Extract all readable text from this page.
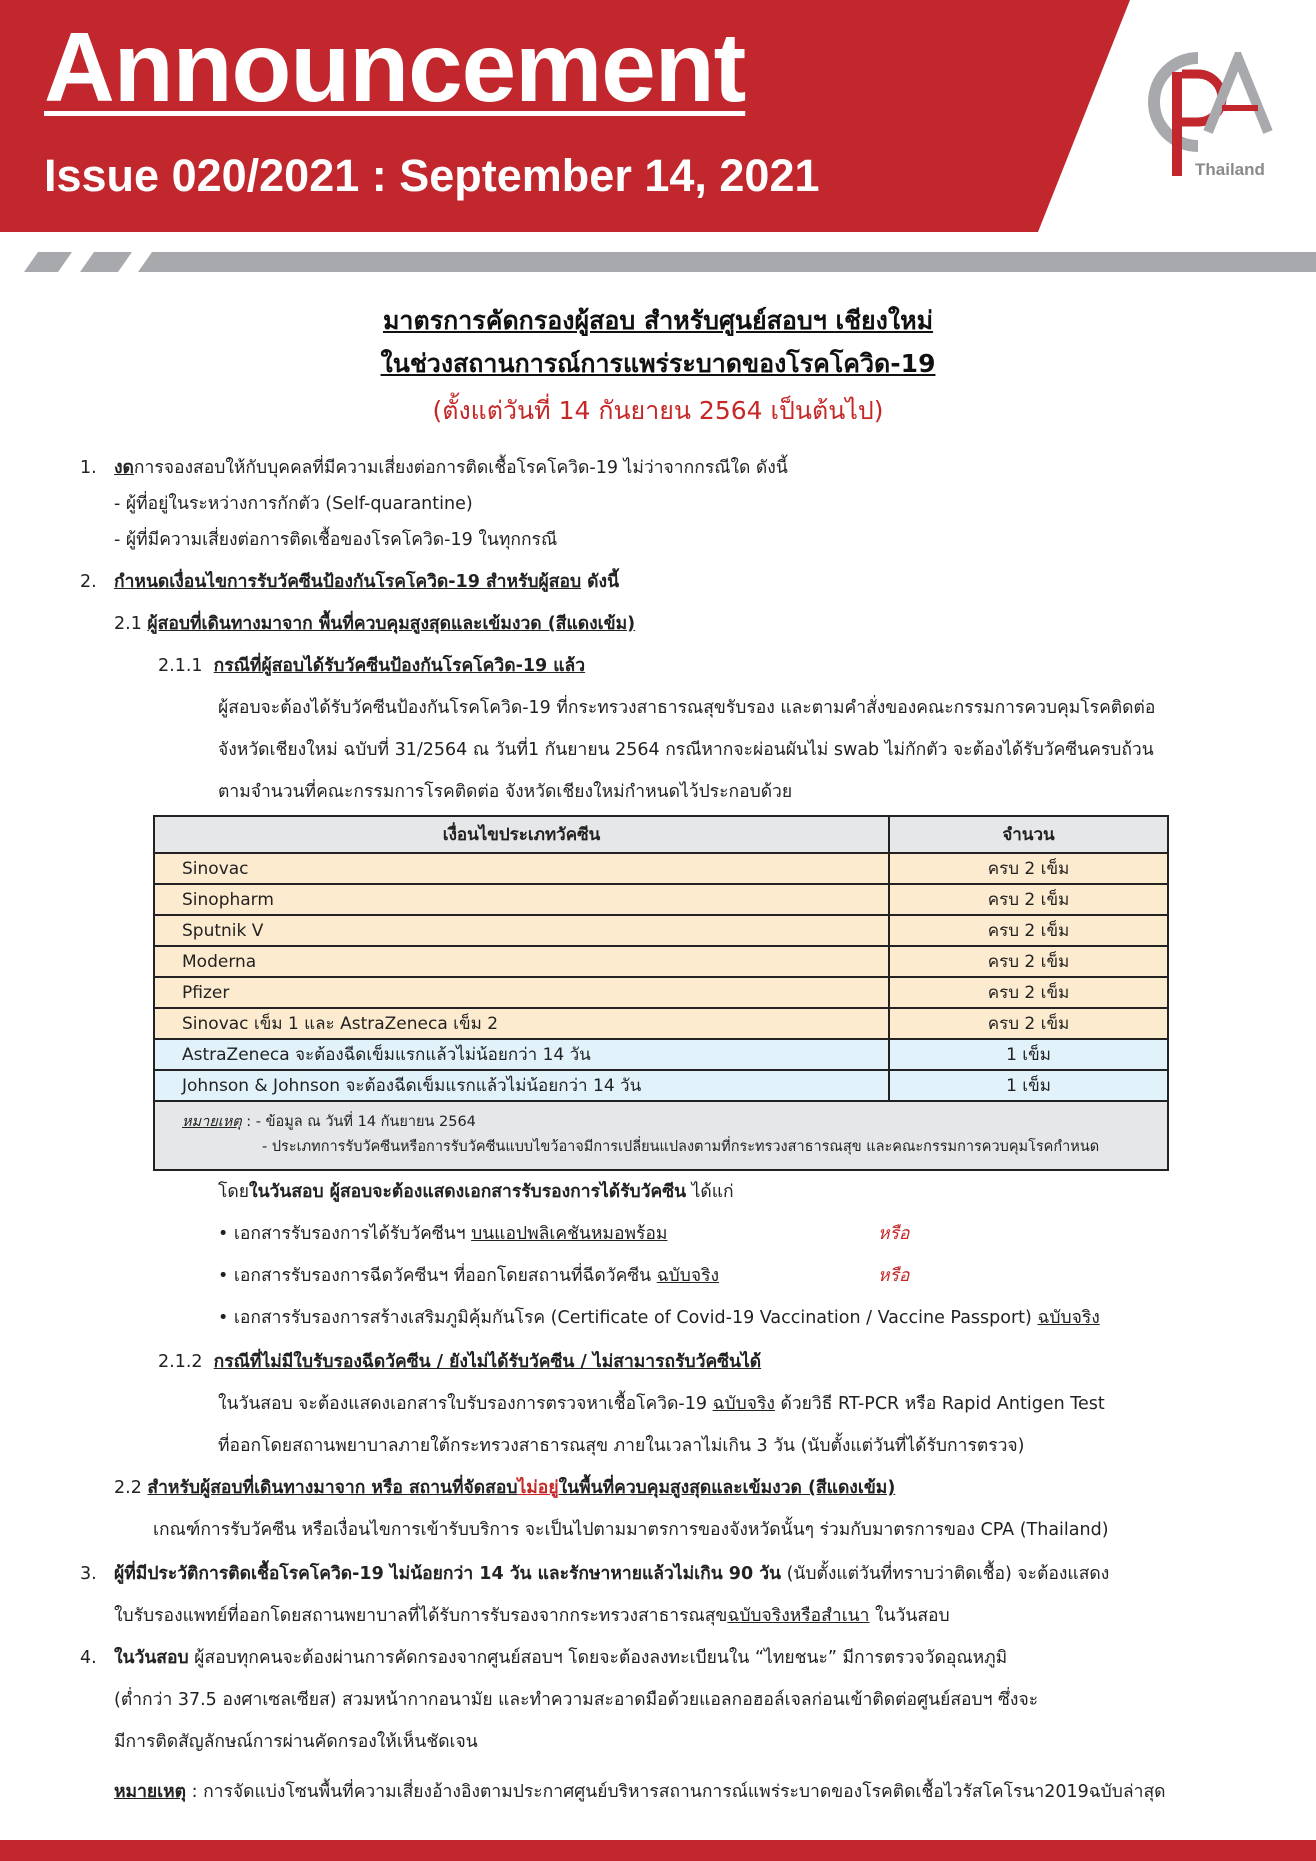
Announcement
Issue 020/2021 : September 14, 2021	Thailand
มาตรการคัดกรองผู้สอบ สำหรับศูนย์สอบฯ เชียงใหม่
ในช่วงสถานการณ์การแพร่ระบาดของโรคโควิด-19
(ตั้งแต่วันที่ 14 กันยายน 2564 เป็นต้นไป)
1. งดการจองสอบให้กับบุคคลที่มีความเสี่ยงต่อการติดเชื้อโรคโควิด-19 ไม่ว่าจากกรณีใด ดังนี้
- ผู้ที่อยู่ในระหว่างการกักตัว (Self-quarantine)
- ผู้ที่มีความเสี่ยงต่อการติดเชื้อของโรคโควิด-19 ในทุกกรณี
2. กำหนดเงื่อนไขการรับวัคซีนป้องกันโรคโควิด-19 สำหรับผู้สอบ ดังนี้
2.1 ผู้สอบที่เดินทางมาจาก พื้นที่ควบคุมสูงสุดและเข้มงวด (สีแดงเข้ม)
2.1.1 กรณีที่ผู้สอบได้รับวัคซีนป้องกันโรคโควิด-19 แล้ว
ผู้สอบจะต้องได้รับวัคซีนป้องกันโรคโควิด-19 ที่กระทรวงสาธารณสุขรับรอง และตามคำสั่งของคณะกรรมการควบคุมโรคติดต่อ
จังหวัดเชียงใหม่ ฉบับที่ 31/2564 ณ วันที่1 กันยายน 2564 กรณีหากจะผ่อนผันไม่ swab ไม่กักตัว จะต้องได้รับวัคซีนครบถ้วน
ตามจำนวนที่คณะกรรมการโรคติดต่อ จังหวัดเชียงใหม่กำหนดไว้ประกอบด้วย
เงื่อนไขประเภทวัคซีน	จำนวน
Sinovac	ครบ 2 เข็ม
Sinopharm	ครบ 2 เข็ม
Sputnik V	ครบ 2 เข็ม
Moderna	ครบ 2 เข็ม
Pfizer	ครบ 2 เข็ม
Sinovac เข็ม 1 และ AstraZeneca เข็ม 2	ครบ 2 เข็ม
AstraZeneca จะต้องฉีดเข็มแรกแล้วไม่น้อยกว่า 14 วัน	1 เข็ม
Johnson & Johnson จะต้องฉีดเข็มแรกแล้วไม่น้อยกว่า 14 วัน	1 เข็ม

หมายเหตุ : - ข้อมูล ณ วันที่ 14 กันยายน 2564
- ประเภทการรับวัคซีนหรือการรับวัคซีนแบบไขว้อาจมีการเปลี่ยนแปลงตามที่กระทรวงสาธารณสุข และคณะกรรมการควบคุมโรคกำหนด	
โดยในวันสอบ ผู้สอบจะต้องแสดงเอกสารรับรองการได้รับวัคซีน ได้แก่
• เอกสารรับรองการได้รับวัคซีนฯ บนแอปพลิเคชันหมอพร้อม	หรือ
• เอกสารรับรองการฉีดวัคซีนฯ ที่ออกโดยสถานที่ฉีดวัคซีน ฉบับจริง	หรือ
• เอกสารรับรองการสร้างเสริมภูมิคุ้มกันโรค (Certificate of Covid-19 Vaccination / Vaccine Passport) ฉบับจริง
2.1.2 กรณีที่ไม่มีใบรับรองฉีดวัคซีน / ยังไม่ได้รับวัคซีน / ไม่สามารถรับวัคซีนได้
ในวันสอบ จะต้องแสดงเอกสารใบรับรองการตรวจหาเชื้อโควิด-19 ฉบับจริง ด้วยวิธี RT-PCR หรือ Rapid Antigen Test
ที่ออกโดยสถานพยาบาลภายใต้กระทรวงสาธารณสุข ภายในเวลาไม่เกิน 3 วัน (นับตั้งแต่วันที่ได้รับการตรวจ)
2.2 สำหรับผู้สอบที่เดินทางมาจาก หรือ สถานที่จัดสอบไม่อยู่ในพื้นที่ควบคุมสูงสุดและเข้มงวด (สีแดงเข้ม)
เกณฑ์การรับวัคซีน หรือเงื่อนไขการเข้ารับบริการ จะเป็นไปตามมาตรการของจังหวัดนั้นๆ ร่วมกับมาตรการของ CPA (Thailand)
3. ผู้ที่มีประวัติการติดเชื้อโรคโควิด-19 ไม่น้อยกว่า 14 วัน และรักษาหายแล้วไม่เกิน 90 วัน (นับตั้งแต่วันที่ทราบว่าติดเชื้อ) จะต้องแสดง
ใบรับรองแพทย์ที่ออกโดยสถานพยาบาลที่ได้รับการรับรองจากกระทรวงสาธารณสุขฉบับจริงหรือสำเนา ในวันสอบ
4. ในวันสอบ ผู้สอบทุกคนจะต้องผ่านการคัดกรองจากศูนย์สอบฯ โดยจะต้องลงทะเบียนใน “ไทยชนะ” มีการตรวจวัดอุณหภูมิ
(ต่ำกว่า 37.5 องศาเซลเซียส) สวมหน้ากากอนามัย และทำความสะอาดมือด้วยแอลกอฮอล์เจลก่อนเข้าติดต่อศูนย์สอบฯ ซึ่งจะ
มีการติดสัญลักษณ์การผ่านคัดกรองให้เห็นชัดเจน
หมายเหตุ : การจัดแบ่งโซนพื้นที่ความเสี่ยงอ้างอิงตามประกาศศูนย์บริหารสถานการณ์แพร่ระบาดของโรคติดเชื้อไวรัสโคโรนา2019ฉบับล่าสุด
